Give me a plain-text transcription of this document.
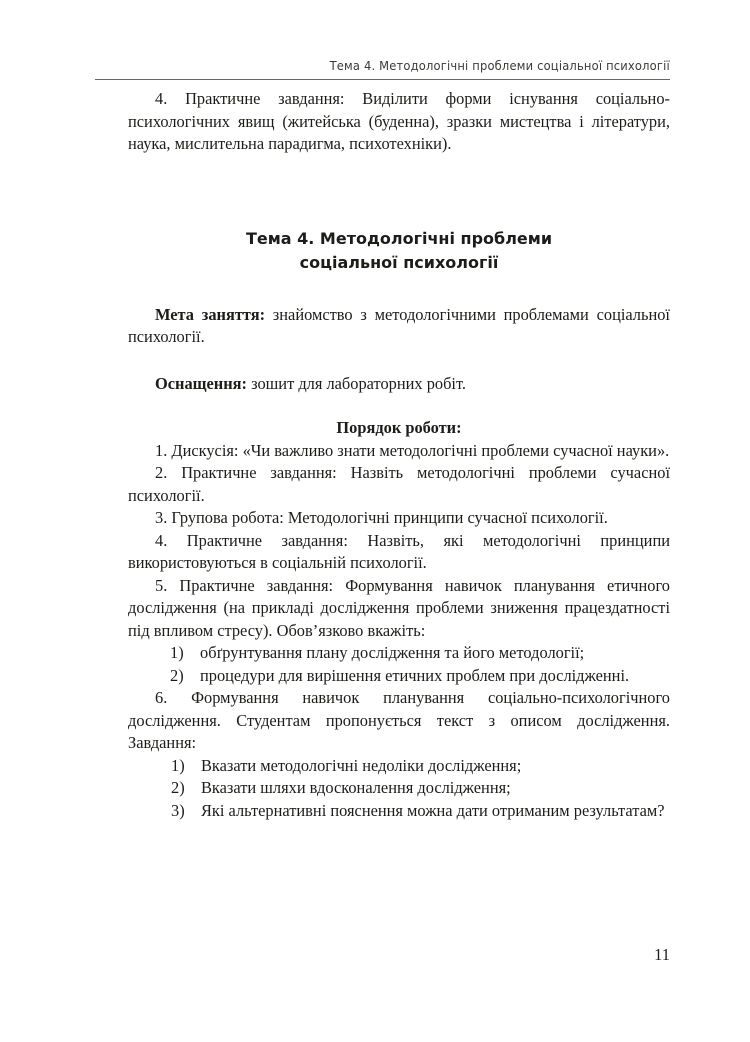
Тема 4. Методологічні проблеми соціальної психології

4. Практичне завдання: Виділити форми існування соціально-психологічних явищ (житейська (буденна), зразки мистецтва і літератури, наука, мислительна парадигма, психотехніки).

Тема 4. Методологічні проблеми
соціальної психології

Мета заняття: знайомство з методологічними проблемами соціальної психології.

Оснащення: зошит для лабораторних робіт.

Порядок роботи:

1. Дискусія: «Чи важливо знати методологічні проблеми сучасної науки».

2. Практичне завдання: Назвіть методологічні проблеми сучасної психології.

3. Групова робота: Методологічні принципи сучасної психології.

4. Практичне завдання: Назвіть, які методологічні принципи використовуються в соціальній психології.

5. Практичне завдання: Формування навичок планування етичного дослідження (на прикладі дослідження проблеми зниження працездатності під впливом стресу). Обов’язково вкажіть:

1) обґрунтування плану дослідження та його методології;
2) процедури для вирішення етичних проблем при дослідженні.

6. Формування навичок планування соціально-психологічного дослідження. Студентам пропонується текст з описом дослідження. Завдання:

1) Вказати методологічні недоліки дослідження;
2) Вказати шляхи вдосконалення дослідження;
3) Які альтернативні пояснення можна дати отриманим результатам?
11
